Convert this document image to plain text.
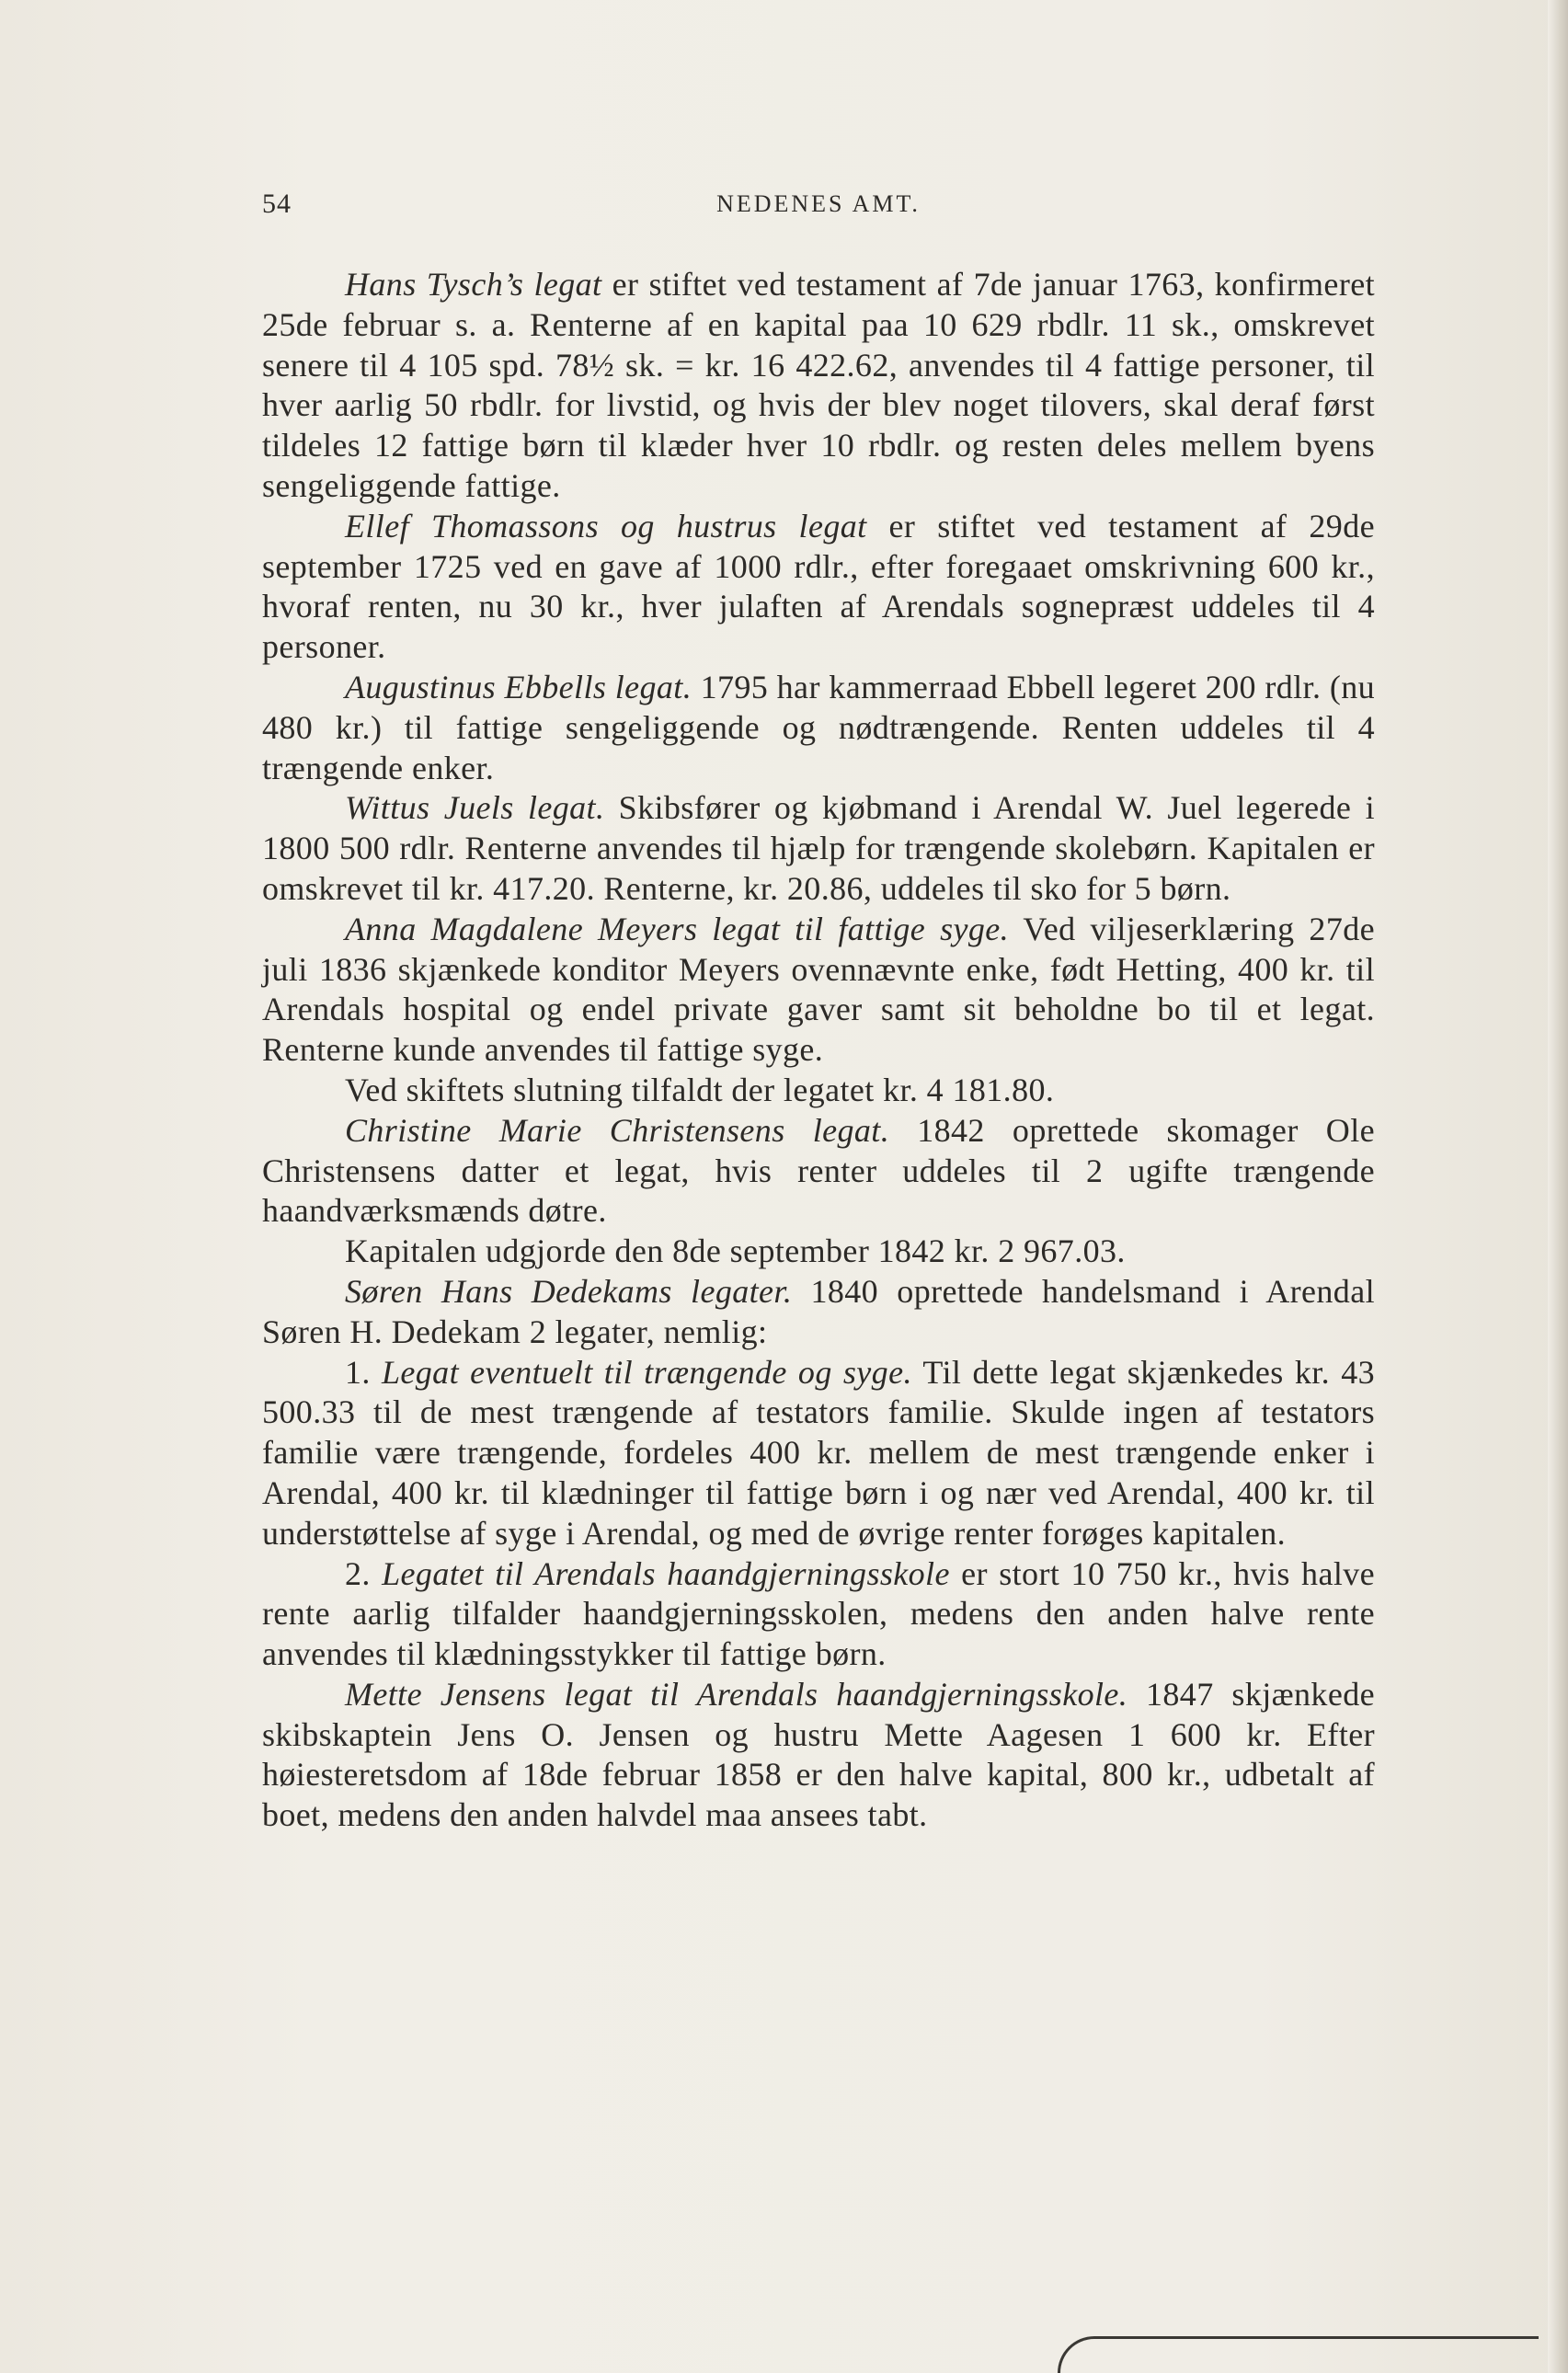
54	NEDENES AMT.

Hans Tysch’s legat er stiftet ved testament af 7de januar 1763, konfirmeret 25de februar s. a. Renterne af en kapital paa 10 629 rbdlr. 11 sk., omskrevet senere til 4 105 spd. 78½ sk. = kr. 16 422.62, anvendes til 4 fattige personer, til hver aarlig 50 rbdlr. for livstid, og hvis der blev noget tilovers, skal deraf først tildeles 12 fattige børn til klæder hver 10 rbdlr. og resten deles mellem byens sengeliggende fattige.

Ellef Thomassons og hustrus legat er stiftet ved testament af 29de september 1725 ved en gave af 1000 rdlr., efter foregaaet omskrivning 600 kr., hvoraf renten, nu 30 kr., hver julaften af Arendals sognepræst uddeles til 4 personer.

Augustinus Ebbells legat. 1795 har kammerraad Ebbell legeret 200 rdlr. (nu 480 kr.) til fattige sengeliggende og nødtrængende. Renten uddeles til 4 trængende enker.

Wittus Juels legat. Skibsfører og kjøbmand i Arendal W. Juel legerede i 1800 500 rdlr. Renterne anvendes til hjælp for trængende skolebørn. Kapitalen er omskrevet til kr. 417.20. Renterne, kr. 20.86, uddeles til sko for 5 børn.

Anna Magdalene Meyers legat til fattige syge. Ved viljeserklæring 27de juli 1836 skjænkede konditor Meyers ovennævnte enke, født Hetting, 400 kr. til Arendals hospital og endel private gaver samt sit beholdne bo til et legat. Renterne kunde anvendes til fattige syge.

Ved skiftets slutning tilfaldt der legatet kr. 4 181.80.

Christine Marie Christensens legat. 1842 oprettede skomager Ole Christensens datter et legat, hvis renter uddeles til 2 ugifte trængende haandværksmænds døtre.

Kapitalen udgjorde den 8de september 1842 kr. 2 967.03.

Søren Hans Dedekams legater. 1840 oprettede handelsmand i Arendal Søren H. Dedekam 2 legater, nemlig:

1. Legat eventuelt til trængende og syge. Til dette legat skjænkedes kr. 43 500.33 til de mest trængende af testators familie. Skulde ingen af testators familie være trængende, fordeles 400 kr. mellem de mest trængende enker i Arendal, 400 kr. til klædninger til fattige børn i og nær ved Arendal, 400 kr. til understøttelse af syge i Arendal, og med de øvrige renter forøges kapitalen.

2. Legatet til Arendals haandgjerningsskole er stort 10 750 kr., hvis halve rente aarlig tilfalder haandgjerningsskolen, medens den anden halve rente anvendes til klædningsstykker til fattige børn.

Mette Jensens legat til Arendals haandgjerningsskole. 1847 skjænkede skibskaptein Jens O. Jensen og hustru Mette Aagesen 1 600 kr. Efter høiesteretsdom af 18de februar 1858 er den halve kapital, 800 kr., udbetalt af boet, medens den anden halvdel maa ansees tabt.
